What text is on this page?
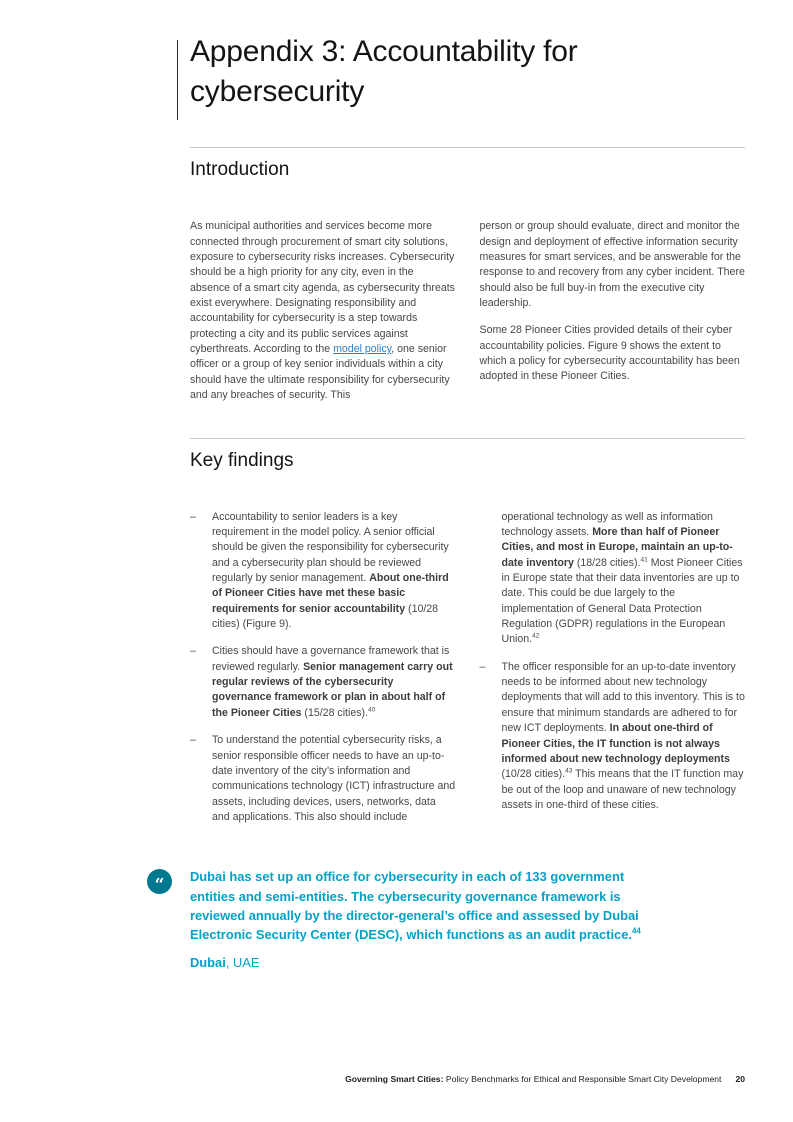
Appendix 3: Accountability for
cybersecurity
Introduction

As municipal authorities and services become more connected through procurement of smart city solutions, exposure to cybersecurity risks increases. Cybersecurity should be a high priority for any city, even in the absence of a smart city agenda, as cybersecurity threats exist everywhere. Designating responsibility and accountability for cybersecurity is a step towards protecting a city and its public services against cyberthreats. According to the model policy, one senior officer or a group of key senior individuals within a city should have the ultimate responsibility for cybersecurity and any breaches of security. This

person or group should evaluate, direct and monitor the design and deployment of effective information security measures for smart services, and be answerable for the response to and recovery from any cyber incident. There should also be full buy-in from the executive city leadership.

Some 28 Pioneer Cities provided details of their cyber accountability policies. Figure 9 shows the extent to which a policy for cybersecurity accountability has been adopted in these Pioneer Cities.

Key findings
–	Accountability to senior leaders is a key requirement in the model policy. A senior official should be given the responsibility for cybersecurity and a cybersecurity plan should be reviewed regularly by senior management. About one-third of Pioneer Cities have met these basic requirements for senior accountability (10/28 cities) (Figure 9).
–	Cities should have a governance framework that is reviewed regularly. Senior management carry out regular reviews of the cybersecurity governance framework or plan in about half of the Pioneer Cities (15/28 cities).$^{40}$
–	To understand the potential cybersecurity risks, a senior responsible officer needs to have an up-to-date inventory of the city’s information and communications technology (ICT) infrastructure and assets, including devices, users, networks, data and applications. This also should include
operational technology as well as information technology assets. More than half of Pioneer Cities, and most in Europe, maintain an up-to-date inventory (18/28 cities).$^{41}$ Most Pioneer Cities in Europe state that their data inventories are up to date. This could be due largely to the implementation of General Data Protection Regulation (GDPR) regulations in the European Union.$^{42}$
–	The officer responsible for an up-to-date inventory needs to be informed about new technology deployments that will add to this inventory. This is to ensure that minimum standards are adhered to for new ICT deployments. In about one-third of Pioneer Cities, the IT function is not always informed about new technology deployments (10/28 cities).$^{43}$ This means that the IT function may be out of the loop and unaware of new technology assets in one-third of these cities.
“	Dubai has set up an office for cybersecurity in each of 133 government entities and semi-entities. The cybersecurity governance framework is reviewed annually by the director-general’s office and assessed by Dubai Electronic Security Center (DESC), which functions as an audit practice.$^{44}$

Dubai, UAE

Governing Smart Cities: Policy Benchmarks for Ethical and Responsible Smart City Development 20
